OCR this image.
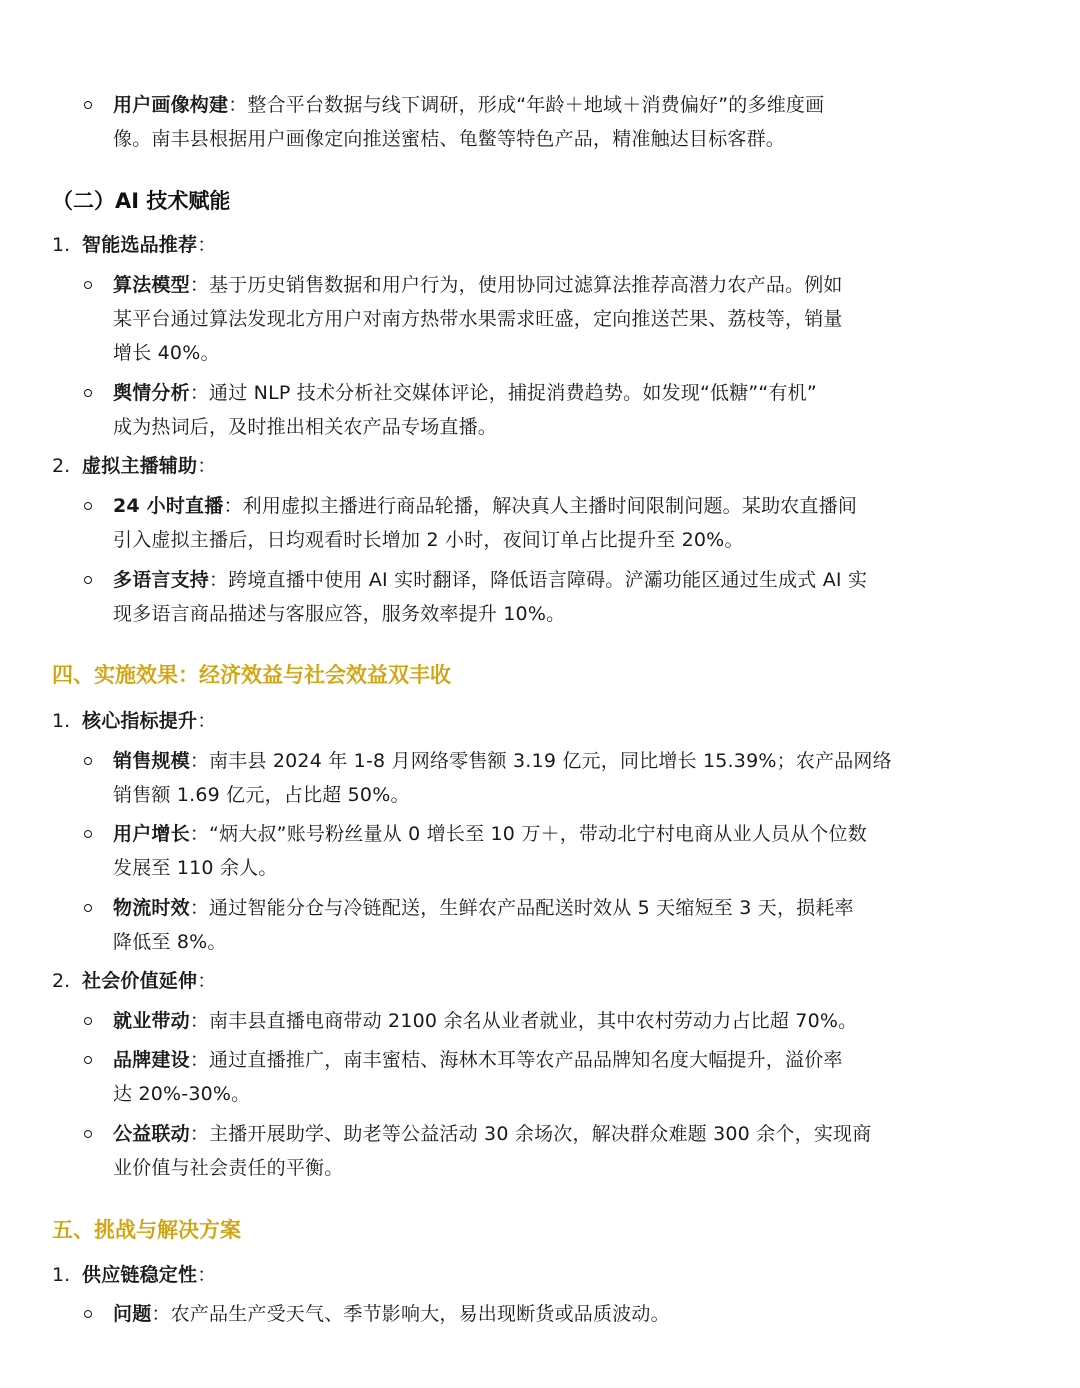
用户画像构建：整合平台数据与线下调研，形成“年龄＋地域＋消费偏好”的多维度画
像。南丰县根据用户画像定向推送蜜桔、龟鳖等特色产品，精准触达目标客群。
（二）AI 技术赋能
1. 智能选品推荐：
算法模型：基于历史销售数据和用户行为，使用协同过滤算法推荐高潜力农产品。例如
某平台通过算法发现北方用户对南方热带水果需求旺盛，定向推送芒果、荔枝等，销量
增长 40%。
舆情分析：通过 NLP 技术分析社交媒体评论，捕捉消费趋势。如发现“低糖”“有机”
成为热词后，及时推出相关农产品专场直播。
2. 虚拟主播辅助：
24 小时直播：利用虚拟主播进行商品轮播，解决真人主播时间限制问题。某助农直播间
引入虚拟主播后，日均观看时长增加 2 小时，夜间订单占比提升至 20%。
多语言支持：跨境直播中使用 AI 实时翻译，降低语言障碍。浐灞功能区通过生成式 AI 实
现多语言商品描述与客服应答，服务效率提升 10%。
四、实施效果：经济效益与社会效益双丰收
1. 核心指标提升：
销售规模：南丰县 2024 年 1-8 月网络零售额 3.19 亿元，同比增长 15.39%；农产品网络
销售额 1.69 亿元，占比超 50%。
用户增长：“炳大叔”账号粉丝量从 0 增长至 10 万＋，带动北宁村电商从业人员从个位数
发展至 110 余人。
物流时效：通过智能分仓与冷链配送，生鲜农产品配送时效从 5 天缩短至 3 天，损耗率
降低至 8%。
2. 社会价值延伸：
就业带动：南丰县直播电商带动 2100 余名从业者就业，其中农村劳动力占比超 70%。
品牌建设：通过直播推广，南丰蜜桔、海林木耳等农产品品牌知名度大幅提升，溢价率
达 20%-30%。
公益联动：主播开展助学、助老等公益活动 30 余场次，解决群众难题 300 余个，实现商
业价值与社会责任的平衡。
五、挑战与解决方案
1. 供应链稳定性：
问题：农产品生产受天气、季节影响大，易出现断货或品质波动。
